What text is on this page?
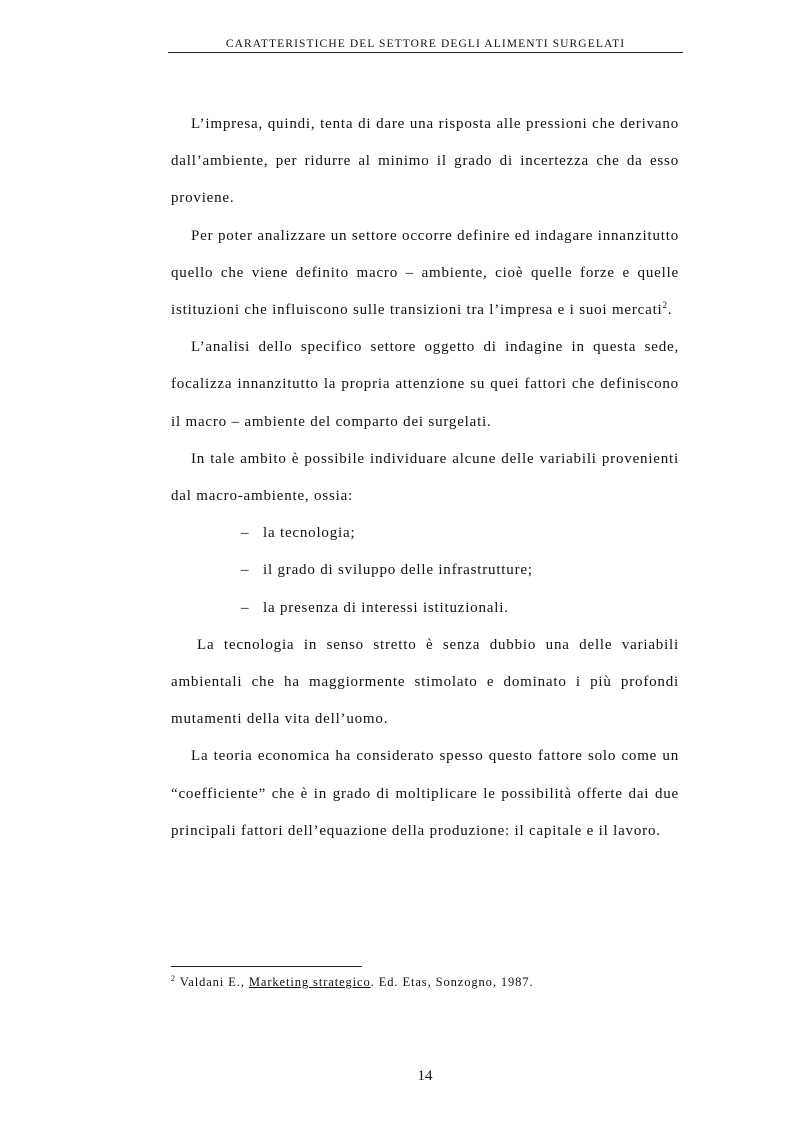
CARATTERISTICHE DEL SETTORE DEGLI ALIMENTI SURGELATI

L’impresa, quindi, tenta di dare una risposta alle pressioni che derivano dall’ambiente, per ridurre al minimo il grado di incertezza che da esso proviene.

Per poter analizzare un settore occorre definire ed indagare innanzitutto quello che viene definito macro – ambiente, cioè quelle forze e quelle istituzioni che influiscono sulle transizioni tra l’impresa e i suoi mercati$^2$.

L’analisi dello specifico settore oggetto di indagine in questa sede, focalizza innanzitutto la propria attenzione su quei fattori che definiscono il macro – ambiente del comparto dei surgelati.

In tale ambito è possibile individuare alcune delle variabili provenienti dal macro-ambiente, ossia:

– la tecnologia;
– il grado di sviluppo delle infrastrutture;
– la presenza di interessi istituzionali.

La tecnologia in senso stretto è senza dubbio una delle variabili ambientali che ha maggiormente stimolato e dominato i più profondi mutamenti della vita dell’uomo.

La teoria economica ha considerato spesso questo fattore solo come un “coefficiente” che è in grado di moltiplicare le possibilità offerte dai due principali fattori dell’equazione della produzione: il capitale e il lavoro.

$^2$ Valdani E., Marketing strategico. Ed. Etas, Sonzogno, 1987.
14
